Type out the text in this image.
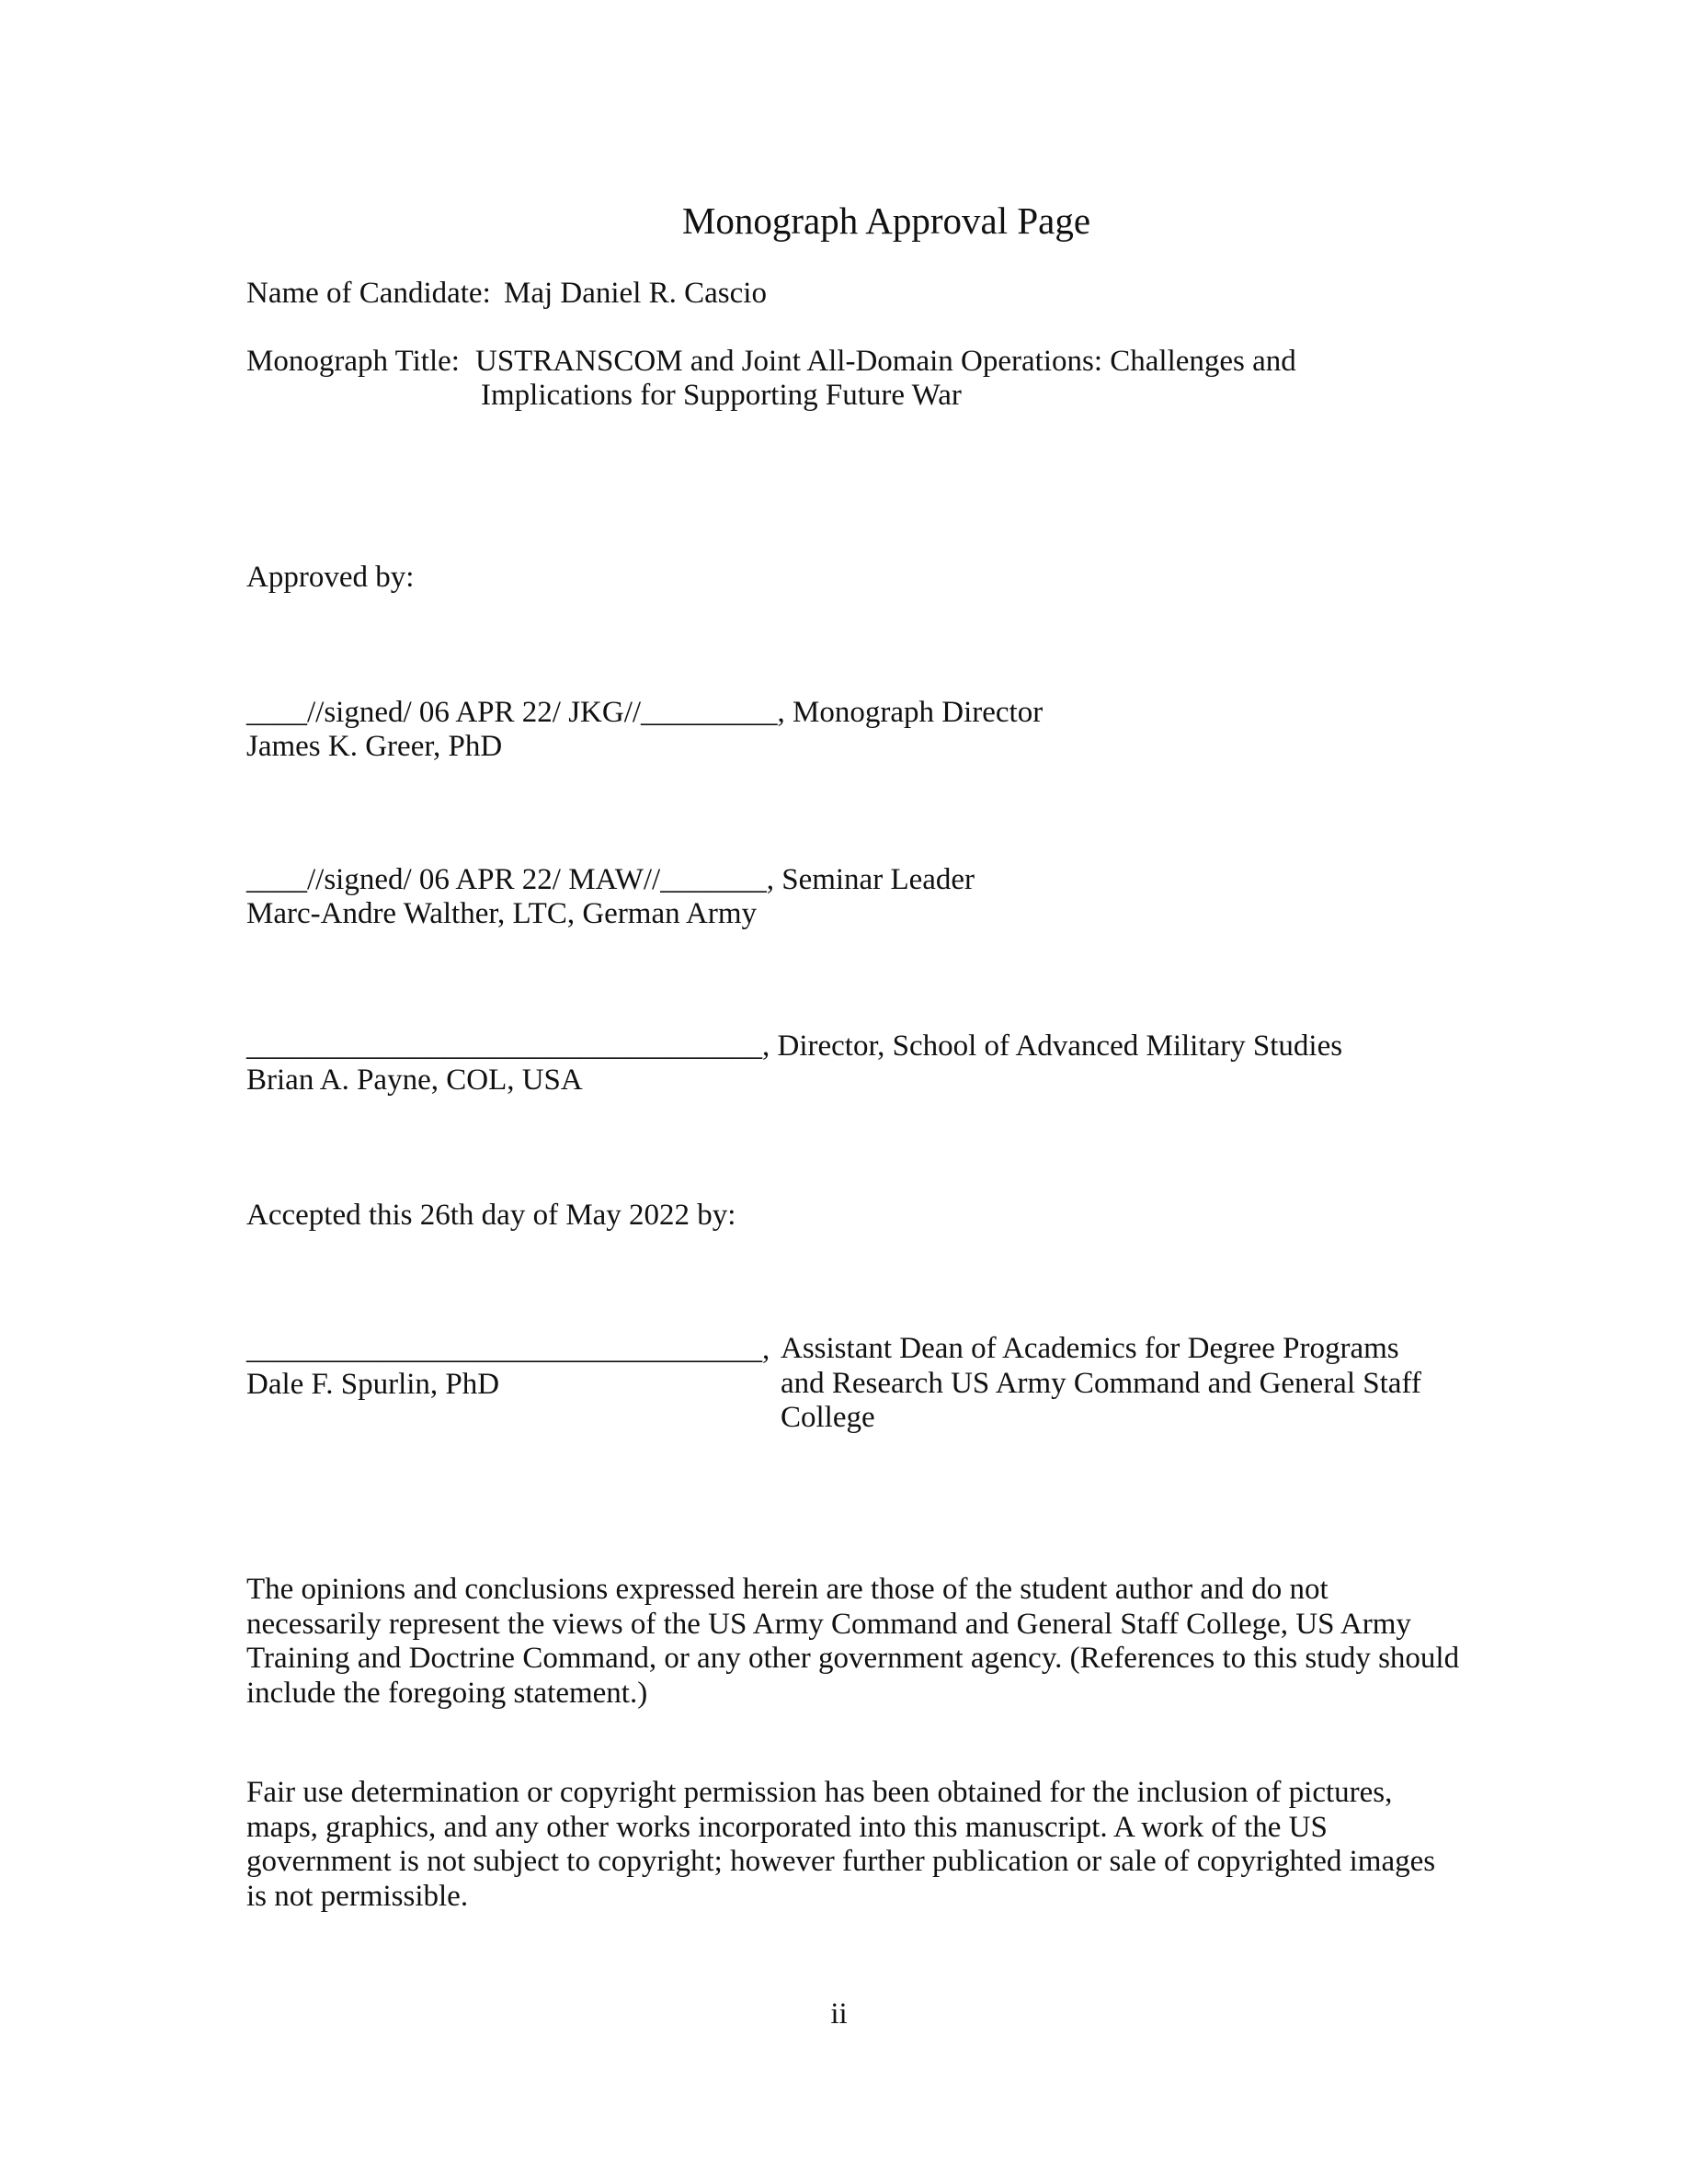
Monograph Approval Page
Name of Candidate: Maj Daniel R. Cascio
Monograph Title: USTRANSCOM and Joint All-Domain Operations: Challenges and
Implications for Supporting Future War
Approved by:
____//signed/ 06 APR 22/ JKG//_________, Monograph Director
James K. Greer, PhD
____//signed/ 06 APR 22/ MAW//_______, Seminar Leader
Marc-Andre Walther, LTC, German Army
__________________________________, Director, School of Advanced Military Studies
Brian A. Payne, COL, USA
Accepted this 26th day of May 2022 by:
__________________________________,
Dale F. Spurlin, PhD
Assistant Dean of Academics for Degree Programs and Research US Army Command and General Staff College
The opinions and conclusions expressed herein are those of the student author and do not necessarily represent the views of the US Army Command and General Staff College, US Army Training and Doctrine Command, or any other government agency. (References to this study should include the foregoing statement.)
Fair use determination or copyright permission has been obtained for the inclusion of pictures, maps, graphics, and any other works incorporated into this manuscript. A work of the US government is not subject to copyright; however further publication or sale of copyrighted images is not permissible.
ii
